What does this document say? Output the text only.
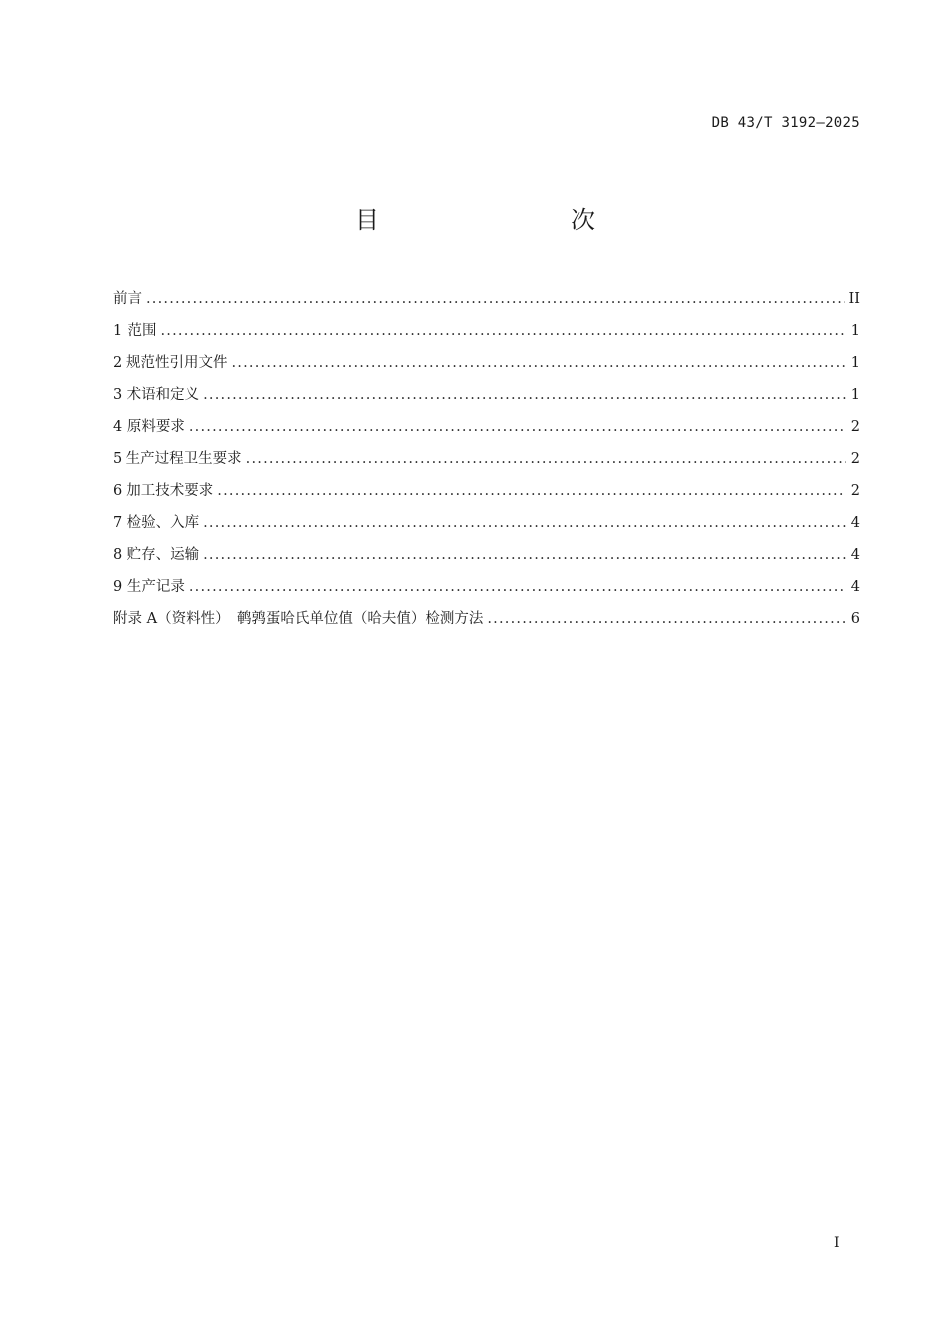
DB 43/T 3192—2025
目　　次
前言 .....	II
1 范围 .....	1
2 规范性引用文件 .....	1
3 术语和定义 .....	1
4 原料要求 .....	2
5 生产过程卫生要求 .....	2
6 加工技术要求 .....	2
7 检验、入库 .....	4
8 贮存、运输 .....	4
9 生产记录 .....	4
附录 A（资料性）　鹌鹑蛋哈氏单位值（哈夫值）检测方法 .....	6
I
